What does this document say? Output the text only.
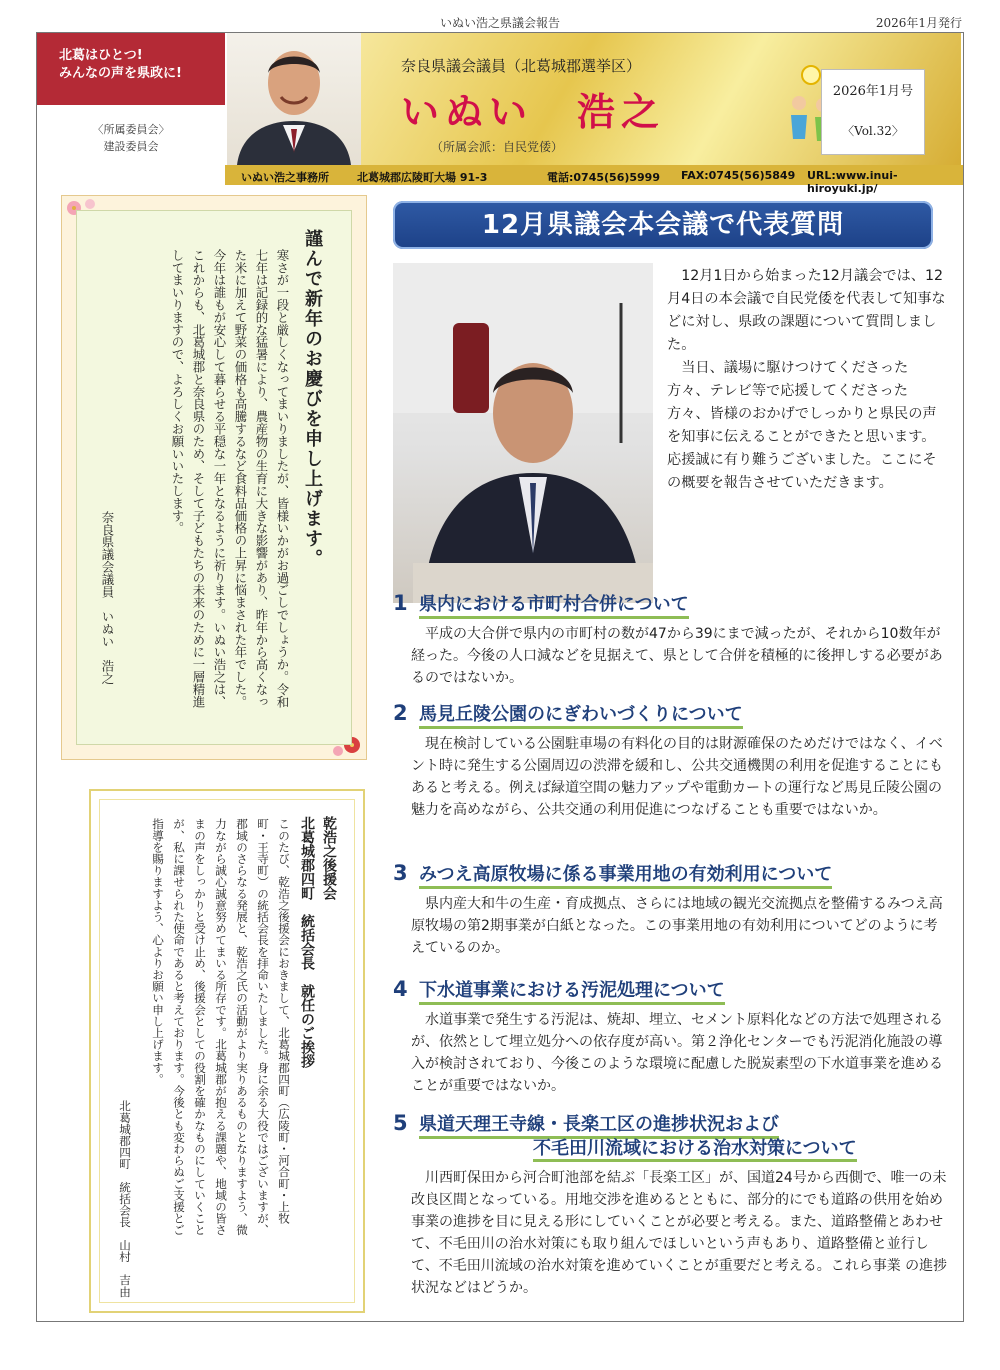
いぬい浩之県議会報告	2026年1月発行
北葛はひとつ!
みんなの声を県政に!
〈所属委員会〉
建設委員会
奈良県議会議員（北葛城郡選挙区）
いぬい　浩之
（所属会派：自民党倭）
2026年1月号
〈Vol.32〉
いぬい浩之事務所	北葛城郡広陵町大場 91-3	電話:0745(56)5999 FAX:0745(56)5849 URL:www.inui-hiroyuki.jp/
謹んで新年のお慶びを申し上げます。
寒さが一段と厳しくなってまいりましたが、皆様いかがお過ごしでしょうか。令和七年は記録的な猛暑により、農産物の生育に大きな影響があり、昨年から高くなった米に加えて野菜の価格も高騰するなど食料品価格の上昇に悩まされた年でした。今年は誰もが安心して暮らせる平穏な一年となるように祈ります。いぬい浩之は、これからも、北葛城郡と奈良県のため、そして子どもたちの未来のために一層精進してまいりますので、よろしくお願いいたします。
奈良県議会議員　いぬい　浩之
乾浩之後援会
北葛城郡四町　統括会長　就任のご挨拶
このたび、乾浩之後援会におきまして、北葛城郡四町（広陵町・河合町・上牧町・王寺町）の統括会長を拝命いたしました。身に余る大役ではございますが、郡域のさらなる発展と、乾浩之氏の活動がより実りあるものとなりますよう、微力ながら誠心誠意努めてまいる所存です。北葛城郡が抱える課題や、地域の皆さまの声をしっかりと受け止め、後援会としての役割を確かなものにしていくことが、私に課せられた使命であると考えております。今後とも変わらぬご支援とご指導を賜りますよう、心よりお願い申し上げます。
北葛城郡四町　統括会長　山村　吉由
12月県議会本会議で代表質問

12月1日から始まった12月議会では、12月4日の本会議で自民党倭を代表して知事などに対し、県政の課題について質問しました。

当日、議場に駆けつけてくださった方々、テレビ等で応援してくださった方々、皆様のおかげでしっかりと県民の声を知事に伝えることができたと思います。

応援誠に有り難うございました。ここにその概要を報告させていただきます。

1 県内における市町村合併について
平成の大合併で県内の市町村の数が47から39にまで減ったが、それから10数年が経った。今後の人口減などを見据えて、県として合併を積極的に後押しする必要があるのではないか。
2 馬見丘陵公園のにぎわいづくりについて
現在検討している公園駐車場の有料化の目的は財源確保のためだけではなく、イベント時に発生する公園周辺の渋滞を緩和し、公共交通機関の利用を促進することにもあると考える。例えば緑道空間の魅力アップや電動カートの運行など馬見丘陵公園の魅力を高めながら、公共交通の利用促進につなげることも重要ではないか。
3 みつえ高原牧場に係る事業用地の有効利用について
県内産大和牛の生産・育成拠点、さらには地域の観光交流拠点を整備するみつえ高原牧場の第2期事業が白紙となった。この事業用地の有効利用についてどのように考えているのか。
4 下水道事業における汚泥処理について
水道事業で発生する汚泥は、焼却、埋立、セメント原料化などの方法で処理されるが、依然として埋立処分への依存度が高い。第２浄化センターでも汚泥消化施設の導入が検討されており、今後このような環境に配慮した脱炭素型の下水道事業を進めることが重要ではないか。
5 県道天理王寺線・長楽工区の進捗状況および
不毛田川流域における治水対策について
川西町保田から河合町池部を結ぶ「長楽工区」が、国道24号から西側で、唯一の未改良区間となっている。用地交渉を進めるとともに、部分的にでも道路の供用を始め事業の進捗を目に見える形にしていくことが必要と考える。また、道路整備とあわせて、不毛田川の治水対策にも取り組んでほしいという声もあり、道路整備と並行して、不毛田川流域の治水対策を進めていくことが重要だと考える。これら事業 の進捗状況などはどうか。
